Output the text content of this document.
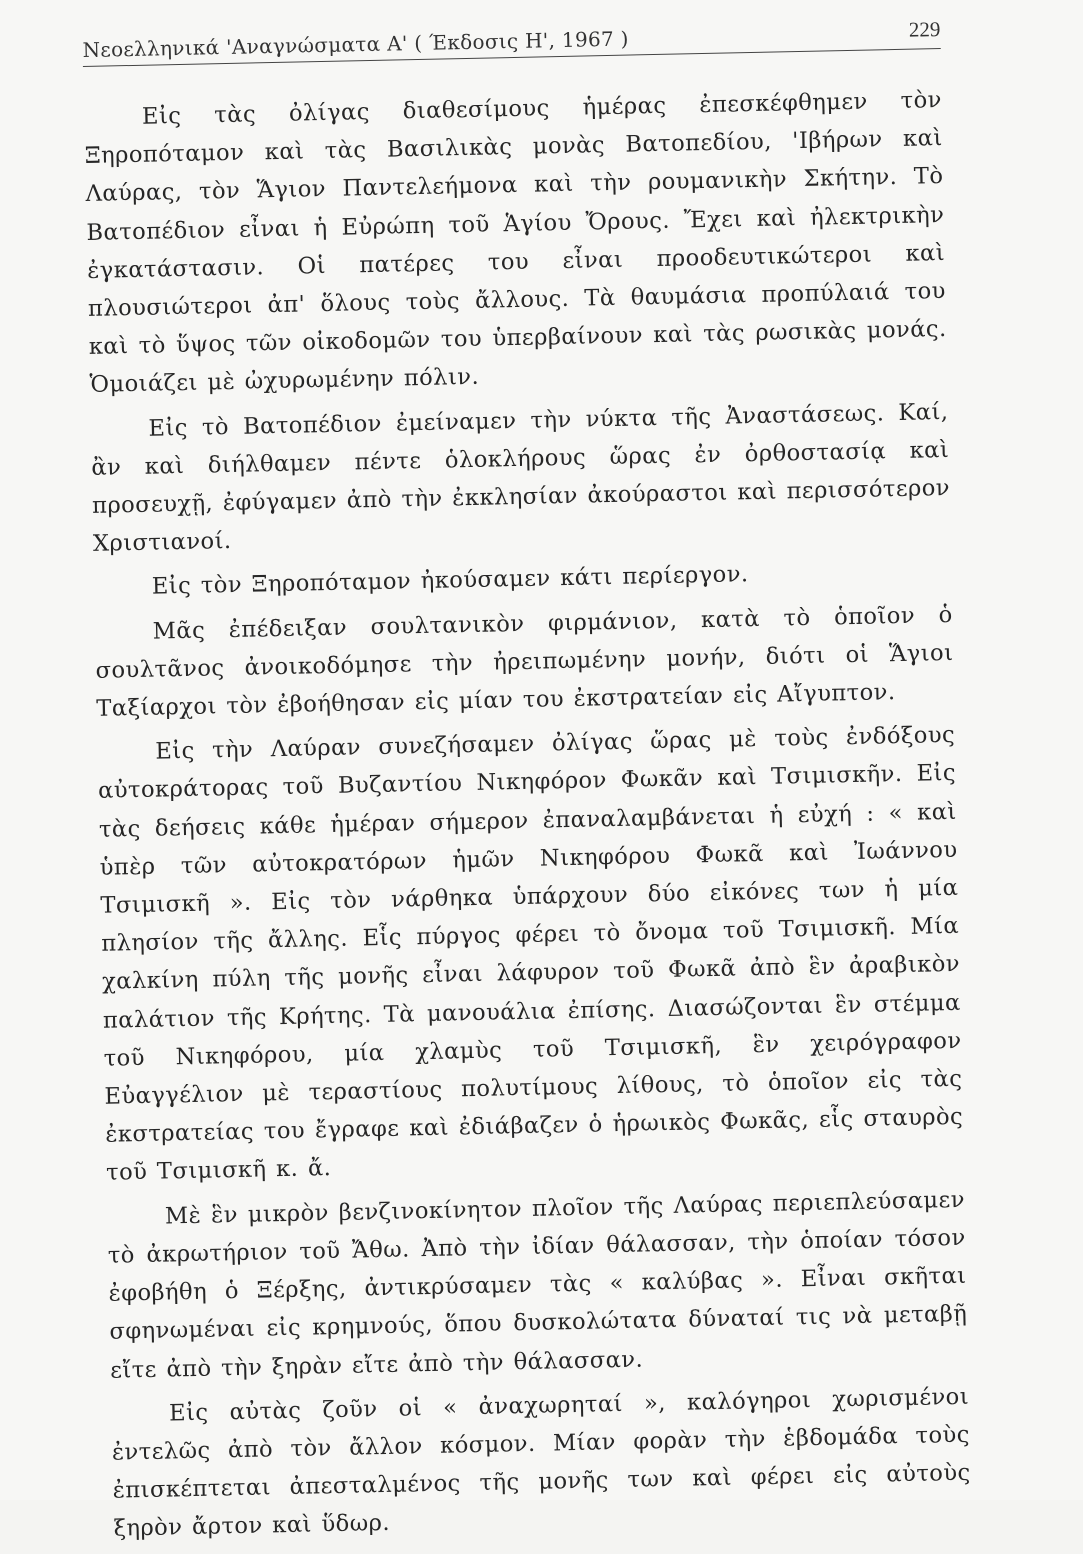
Νεοελληνικά 'Αναγνώσματα Α' ( Έκδοσις Η', 1967 )	229

Εἰς τὰς ὀλίγας διαθεσίμους ἡμέρας ἐπεσκέφθημεν τὸν Ξηροπόταμον καὶ τὰς Βασιλικὰς μονὰς Βατοπεδίου, 'Ιβήρων καὶ Λαύρας, τὸν Ἅγιον Παντελεήμονα καὶ τὴν ρουμανικὴν Σκήτην. Τὸ Βατοπέδιον εἶναι ἡ Εὐρώπη τοῦ Ἁγίου Ὄρους. Ἔχει καὶ ἠλεκτρικὴν ἐγκατάστασιν. Οἱ πατέρες του εἶναι προοδευτικώτεροι καὶ πλουσιώτεροι ἀπ' ὅλους τοὺς ἄλλους. Τὰ θαυμάσια προπύλαιά του καὶ τὸ ὕψος τῶν οἰκοδομῶν του ὑπερβαίνουν καὶ τὰς ρωσικὰς μονάς. Ὁμοιάζει μὲ ὠχυρωμένην πόλιν.

Εἰς τὸ Βατοπέδιον ἐμείναμεν τὴν νύκτα τῆς Ἀναστάσεως. Καί, ἂν καὶ διήλθαμεν πέντε ὁλοκλήρους ὥρας ἐν ὀρθοστασίᾳ καὶ προσευχῇ, ἐφύγαμεν ἀπὸ τὴν ἐκκλησίαν ἀκούραστοι καὶ περισσότερον Χριστιανοί.

Εἰς τὸν Ξηροπόταμον ἠκούσαμεν κάτι περίεργον.

Μᾶς ἐπέδειξαν σουλτανικὸν φιρμάνιον, κατὰ τὸ ὁποῖον ὁ σουλτᾶνος ἀνοικοδόμησε τὴν ἠρειπωμένην μονήν, διότι οἱ Ἅγιοι Ταξίαρχοι τὸν ἐβοήθησαν εἰς μίαν του ἐκστρατείαν εἰς Αἴγυπτον.

Εἰς τὴν Λαύραν συνεζήσαμεν ὀλίγας ὥρας μὲ τοὺς ἐνδόξους αὐτοκράτορας τοῦ Βυζαντίου Νικηφόρον Φωκᾶν καὶ Τσιμισκῆν. Εἰς τὰς δεήσεις κάθε ἡμέραν σήμερον ἐπαναλαμβάνεται ἡ εὐχή : « καὶ ὑπὲρ τῶν αὐτοκρατόρων ἡμῶν Νικηφόρου Φωκᾶ καὶ Ἰωάννου Τσιμισκῆ ». Εἰς τὸν νάρθηκα ὑπάρχουν δύο εἰκόνες των ἡ μία πλησίον τῆς ἄλλης. Εἷς πύργος φέρει τὸ ὄνομα τοῦ Τσιμισκῆ. Μία χαλκίνη πύλη τῆς μονῆς εἶναι λάφυρον τοῦ Φωκᾶ ἀπὸ ἓν ἀραβικὸν παλάτιον τῆς Κρήτης. Τὰ μανουάλια ἐπίσης. Διασώζονται ἓν στέμμα τοῦ Νικηφόρου, μία χλαμὺς τοῦ Τσιμισκῆ, ἓν χειρόγραφον Εὐαγγέλιον μὲ τεραστίους πολυτίμους λίθους, τὸ ὁποῖον εἰς τὰς ἐκστρατείας του ἔγραφε καὶ ἐδιάβαζεν ὁ ἡρωικὸς Φωκᾶς, εἷς σταυρὸς τοῦ Τσιμισκῆ κ. ἄ.

Μὲ ἓν μικρὸν βενζινοκίνητον πλοῖον τῆς Λαύρας περιεπλεύσαμεν τὸ ἀκρωτήριον τοῦ Ἄθω. Ἀπὸ τὴν ἰδίαν θάλασσαν, τὴν ὁποίαν τόσον ἐφοβήθη ὁ Ξέρξης, ἀντικρύσαμεν τὰς « καλύβας ». Εἶναι σκῆται σφηνωμέναι εἰς κρημνούς, ὅπου δυσκολώτατα δύναταί τις νὰ μεταβῇ εἴτε ἀπὸ τὴν ξηρὰν εἴτε ἀπὸ τὴν θάλασσαν.

Εἰς αὐτὰς ζοῦν οἱ « ἀναχωρηταί », καλόγηροι χωρισμένοι ἐντελῶς ἀπὸ τὸν ἄλλον κόσμον. Μίαν φορὰν τὴν ἑβδομάδα τοὺς ἐπισκέπτεται ἀπεσταλμένος τῆς μονῆς των καὶ φέρει εἰς αὐτοὺς ξηρὸν ἄρτον καὶ ὕδωρ.
